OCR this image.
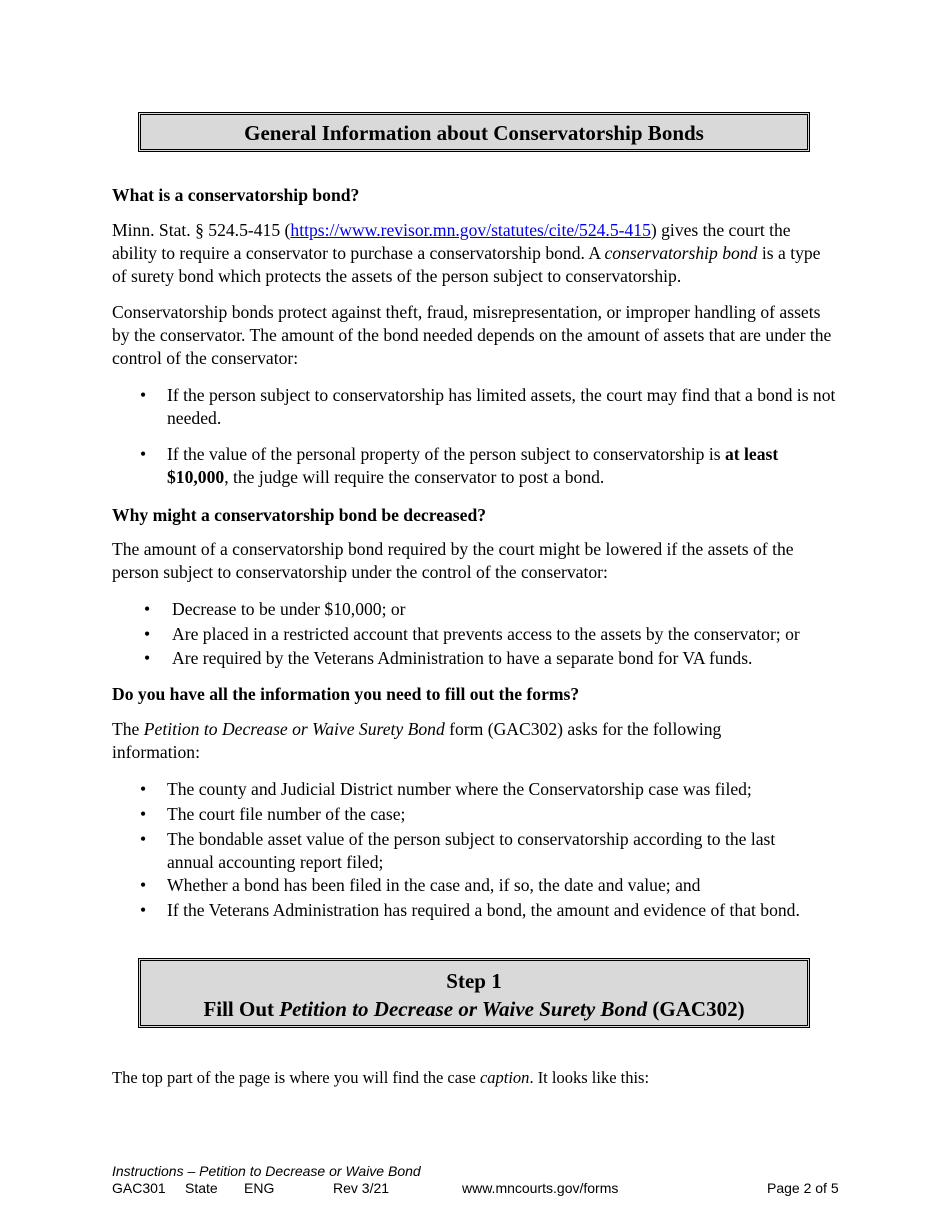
General Information about Conservatorship Bonds
What is a conservatorship bond?
Minn. Stat. § 524.5-415 (https://www.revisor.mn.gov/statutes/cite/524.5-415) gives the court the ability to require a conservator to purchase a conservatorship bond. A conservatorship bond is a type of surety bond which protects the assets of the person subject to conservatorship.
Conservatorship bonds protect against theft, fraud, misrepresentation, or improper handling of assets by the conservator. The amount of the bond needed depends on the amount of assets that are under the control of the conservator:
• If the person subject to conservatorship has limited assets, the court may find that a bond is not needed.
• If the value of the personal property of the person subject to conservatorship is at least $10,000, the judge will require the conservator to post a bond.
Why might a conservatorship bond be decreased?
The amount of a conservatorship bond required by the court might be lowered if the assets of the person subject to conservatorship under the control of the conservator:
• Decrease to be under $10,000; or
• Are placed in a restricted account that prevents access to the assets by the conservator; or
• Are required by the Veterans Administration to have a separate bond for VA funds.
Do you have all the information you need to fill out the forms?
The Petition to Decrease or Waive Surety Bond form (GAC302) asks for the following information:
• The county and Judicial District number where the Conservatorship case was filed;
• The court file number of the case;
• The bondable asset value of the person subject to conservatorship according to the last annual accounting report filed;
• Whether a bond has been filed in the case and, if so, the date and value; and
• If the Veterans Administration has required a bond, the amount and evidence of that bond.
Step 1
Fill Out Petition to Decrease or Waive Surety Bond (GAC302)
The top part of the page is where you will find the case caption. It looks like this:
Instructions – Petition to Decrease or Waive Bond
GAC301 State ENG	Rev 3/21	www.mncourts.gov/forms	Page 2 of 5
